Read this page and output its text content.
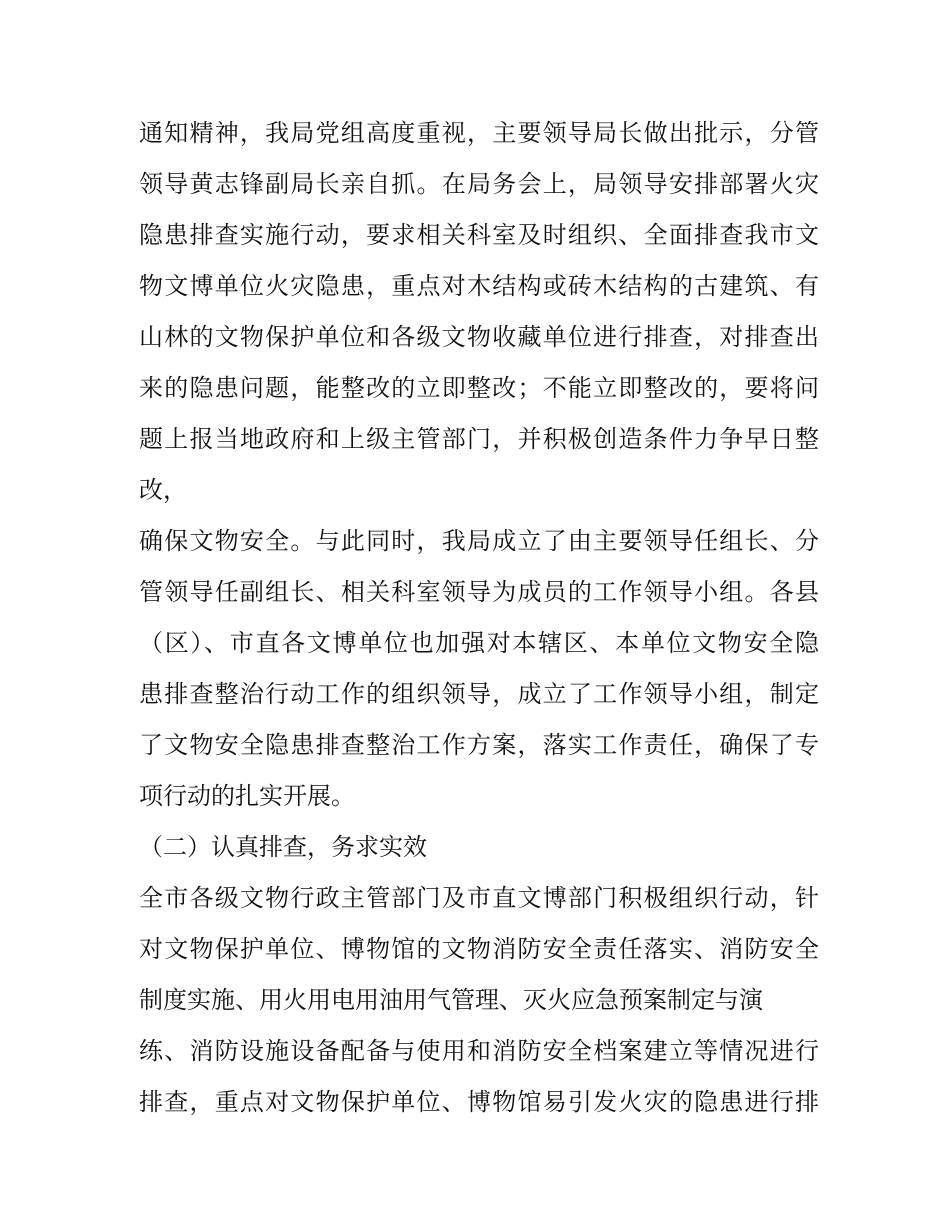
通知精神，我局党组高度重视，主要领导局长做出批示，分管
领导黄志锋副局长亲自抓。在局务会上，局领导安排部署火灾
隐患排查实施行动，要求相关科室及时组织、全面排查我市文
物文博单位火灾隐患，重点对木结构或砖木结构的古建筑、有
山林的文物保护单位和各级文物收藏单位进行排查，对排查出
来的隐患问题，能整改的立即整改；不能立即整改的，要将问
题上报当地政府和上级主管部门，并积极创造条件力争早日整
改，
确保文物安全。与此同时，我局成立了由主要领导任组长、分
管领导任副组长、相关科室领导为成员的工作领导小组。各县
（区）、市直各文博单位也加强对本辖区、本单位文物安全隐
患排查整治行动工作的组织领导，成立了工作领导小组，制定
了文物安全隐患排查整治工作方案，落实工作责任，确保了专
项行动的扎实开展。
（二）认真排查，务求实效
全市各级文物行政主管部门及市直文博部门积极组织行动，针
对文物保护单位、博物馆的文物消防安全责任落实、消防安全
制度实施、用火用电用油用气管理、灭火应急预案制定与演
练、消防设施设备配备与使用和消防安全档案建立等情况进行
排查，重点对文物保护单位、博物馆易引发火灾的隐患进行排
